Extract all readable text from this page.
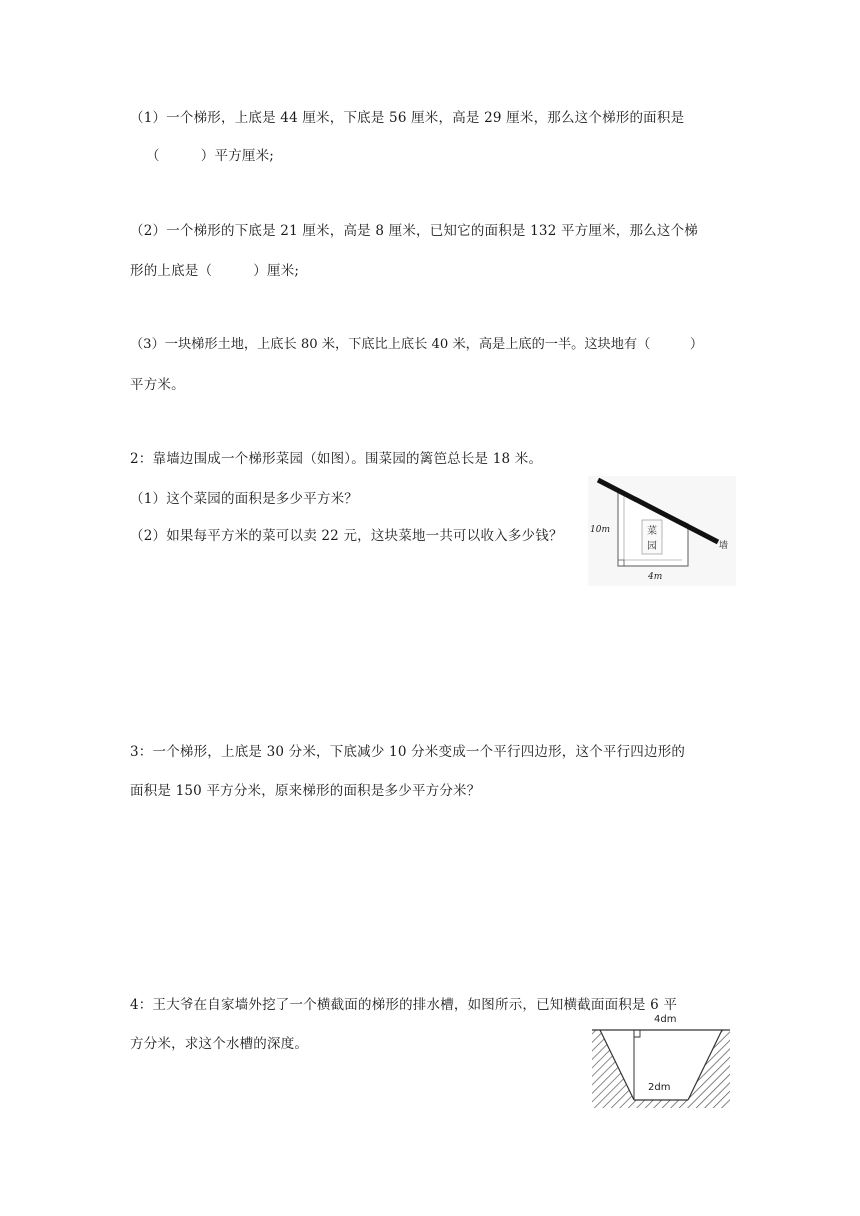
（1）一个梯形，上底是 44 厘米，下底是 56 厘米，高是 29 厘米，那么这个梯形的面积是
（　　　）平方厘米;
（2）一个梯形的下底是 21 厘米，高是 8 厘米，已知它的面积是 132 平方厘米，那么这个梯
形的上底是（　　　）厘米;
（3）一块梯形土地，上底长 80 米，下底比上底长 40 米，高是上底的一半。这块地有（　　　）
平方米。
2：靠墙边围成一个梯形菜园（如图）。围菜园的篱笆总长是 18 米。
（1）这个菜园的面积是多少平方米？
（2）如果每平方米的菜可以卖 22 元，这块菜地一共可以收入多少钱？	菜
园
10m
4m
墙
3：一个梯形，上底是 30 分米，下底减少 10 分米变成一个平行四边形，这个平行四边形的
面积是 150 平方分米，原来梯形的面积是多少平方分米？
4：王大爷在自家墙外挖了一个横截面的梯形的排水槽，如图所示，已知横截面面积是 6 平
方分米，求这个水槽的深度。
4dm
2dm
